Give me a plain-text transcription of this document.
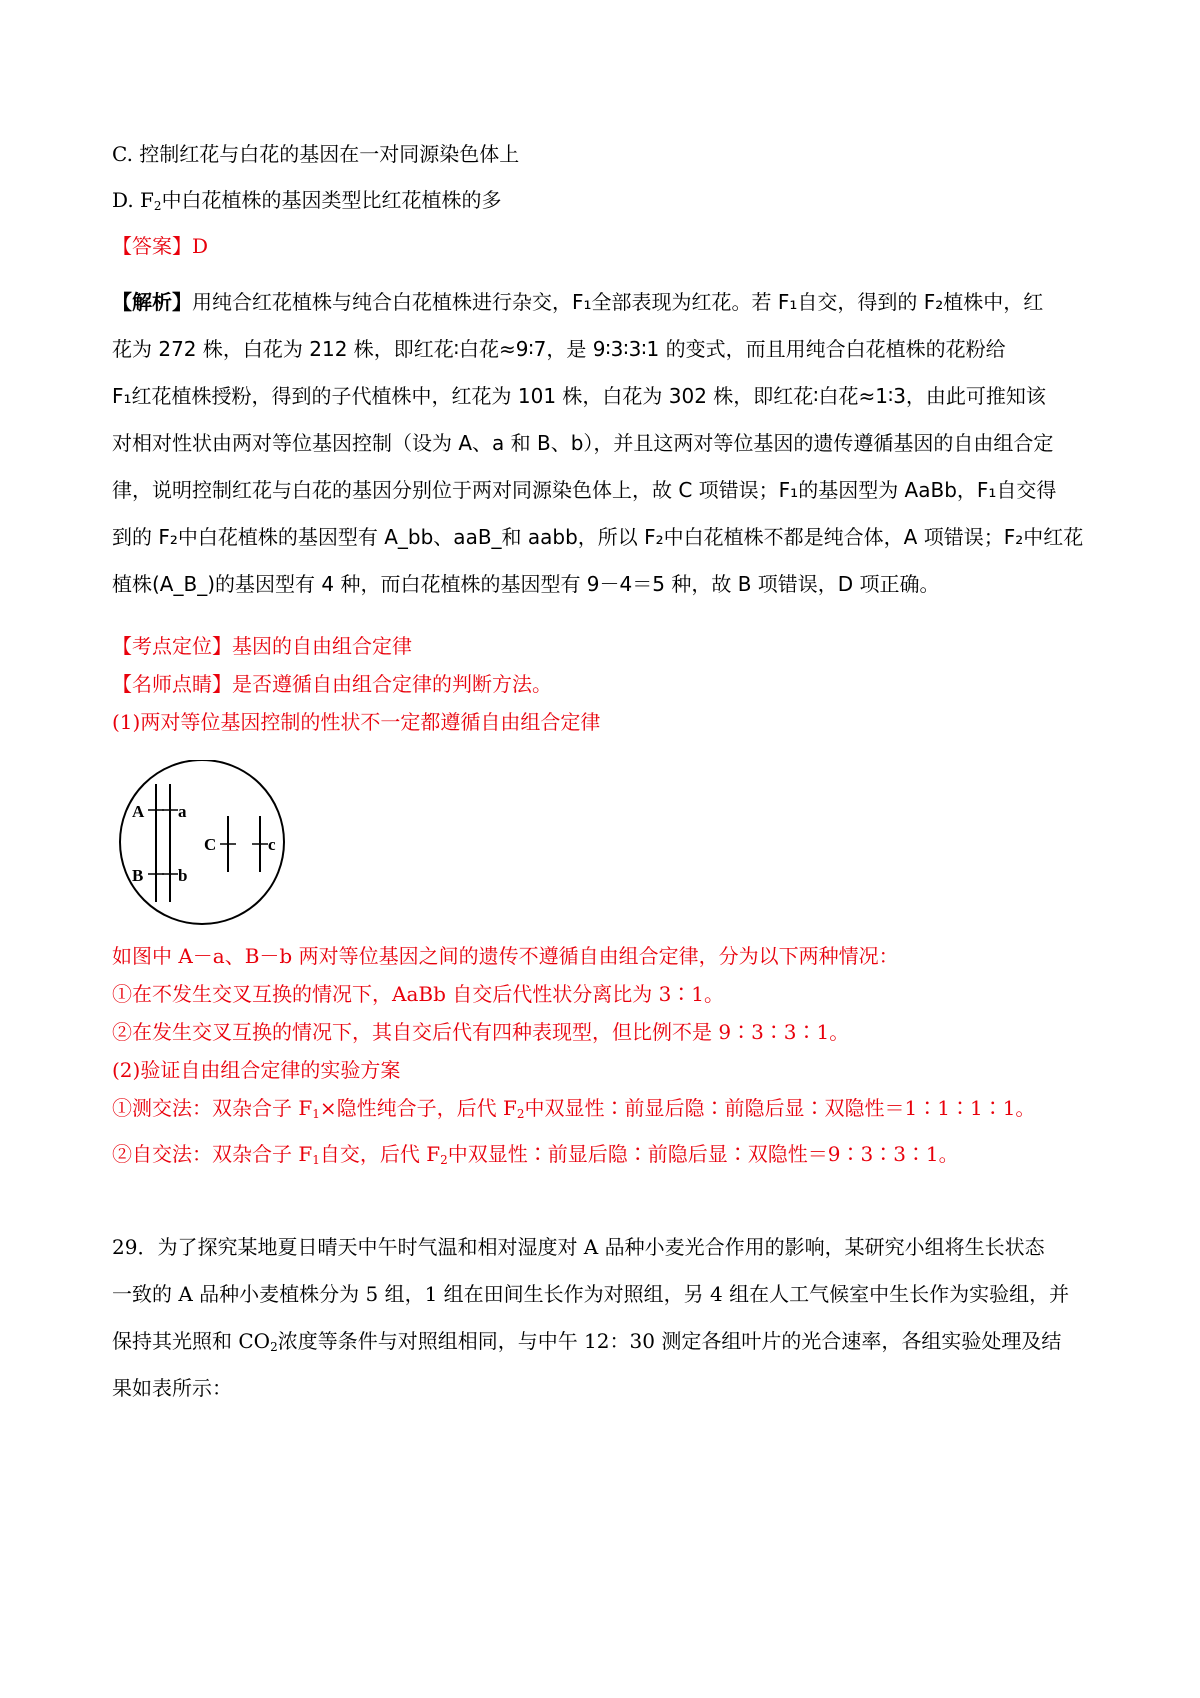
C. 控制红花与白花的基因在一对同源染色体上
D. $F_2$中白花植株的基因类型比红花植株的多
【答案】D
【解析】用纯合红花植株与纯合白花植株进行杂交，F₁全部表现为红花。若 F₁自交，得到的 F₂植株中，红
花为 272 株，白花为 212 株，即红花∶白花≈9∶7，是 9∶3∶3∶1 的变式，而且用纯合白花植株的花粉给
F₁红花植株授粉，得到的子代植株中，红花为 101 株，白花为 302 株，即红花∶白花≈1∶3，由此可推知该
对相对性状由两对等位基因控制（设为 A、a 和 B、b），并且这两对等位基因的遗传遵循基因的自由组合定
律，说明控制红花与白花的基因分别位于两对同源染色体上，故 C 项错误；F₁的基因型为 AaBb，F₁自交得
到的 F₂中白花植株的基因型有 A_bb、aaB_和 aabb，所以 F₂中白花植株不都是纯合体，A 项错误；F₂中红花
植株(A_B_)的基因型有 4 种，而白花植株的基因型有 9－4＝5 种，故 B 项错误，D 项正确。
【考点定位】基因的自由组合定律
【名师点睛】是否遵循自由组合定律的判断方法。
(1)两对等位基因控制的性状不一定都遵循自由组合定律
A a
B b
C	c
如图中 A－a、B－b 两对等位基因之间的遗传不遵循自由组合定律，分为以下两种情况：
①在不发生交叉互换的情况下，AaBb 自交后代性状分离比为 3∶1。
②在发生交叉互换的情况下，其自交后代有四种表现型，但比例不是 9∶3∶3∶1。
(2)验证自由组合定律的实验方案
①测交法：双杂合子 $F_1\times$隐性纯合子，后代 $F_2$中双显性∶前显后隐∶前隐后显∶双隐性＝1∶1∶1∶1。
②自交法：双杂合子 $F_1$自交，后代 $F_2$中双显性∶前显后隐∶前隐后显∶双隐性＝9∶3∶3∶1。
29．为了探究某地夏日晴天中午时气温和相对湿度对 A 品种小麦光合作用的影响，某研究小组将生长状态
一致的 A 品种小麦植株分为 5 组，1 组在田间生长作为对照组，另 4 组在人工气候室中生长作为实验组，并
保持其光照和 $CO_2$浓度等条件与对照组相同，与中午 12：30 测定各组叶片的光合速率，各组实验处理及结
果如表所示：
